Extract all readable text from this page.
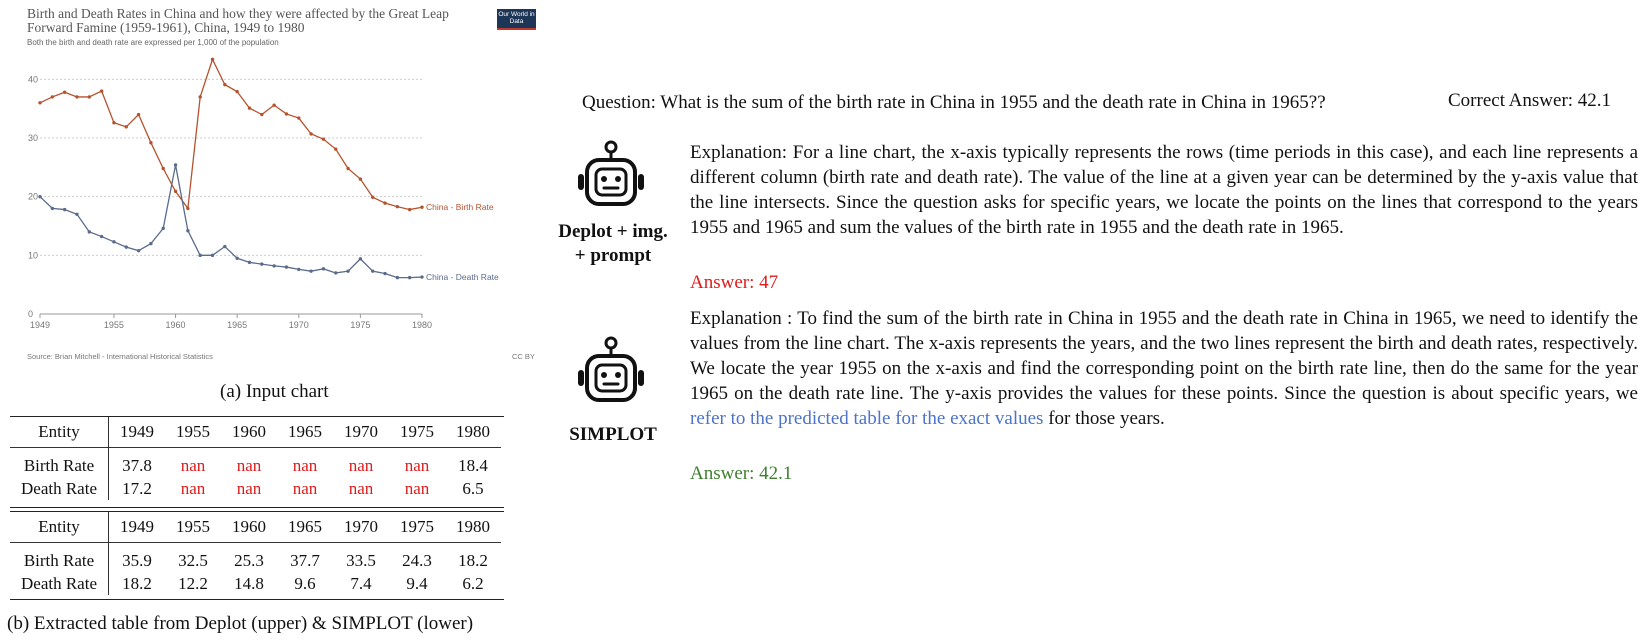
Birth and Death Rates in China and how they were affected by the Great Leap Forward Famine (1959-1961), China, 1949 to 1980
Both the birth and death rate are expressed per 1,000 of the population
Our World in Data
0
10
20
30
40
1949	1955	1960	1965	1970	1975	1980
China - Birth Rate
China - Death Rate
Source: Brian Mitchell - International Historical Statistics	CC BY
(a) Input chart
Entity	1949	1955	1960	1965	1970	1975	1980
Birth Rate	37.8	nan	nan	nan	nan	nan	18.4
Death Rate	17.2	nan	nan	nan	nan	nan	6.5
Entity	1949	1955	1960	1965	1970	1975	1980
Birth Rate	35.9	32.5	25.3	37.7	33.5	24.3	18.2
Death Rate	18.2	12.2	14.8	9.6	7.4	9.4	6.2
(b) Extracted table from Deplot (upper) & SIMPLOT (lower)
Question: What is the sum of the birth rate in China in 1955 and the death rate in China in 1965??	Correct Answer: 42.1
Deplot + img.
+ prompt
Explanation: For a line chart, the x-axis typically represents the rows (time periods in this case), and each line represents a different column (birth rate and death rate). The value of the line at a given year can be determined by the y-axis value that the line intersects. Since the question asks for specific years, we locate the points on the lines that correspond to the years 1955 and 1965 and sum the values of the birth rate in 1955 and the death rate in 1965.
Answer: 47
SIMPLOT
Explanation : To find the sum of the birth rate in China in 1955 and the death rate in China in 1965, we need to identify the values from the line chart. The x-axis represents the years, and the two lines represent the birth and death rates, respectively. We locate the year 1955 on the x-axis and find the corresponding point on the birth rate line, then do the same for the year 1965 on the death rate line. The y-axis provides the values for these points. Since the question is about specific years, we refer to the predicted table for the exact values for those years.
Answer: 42.1
